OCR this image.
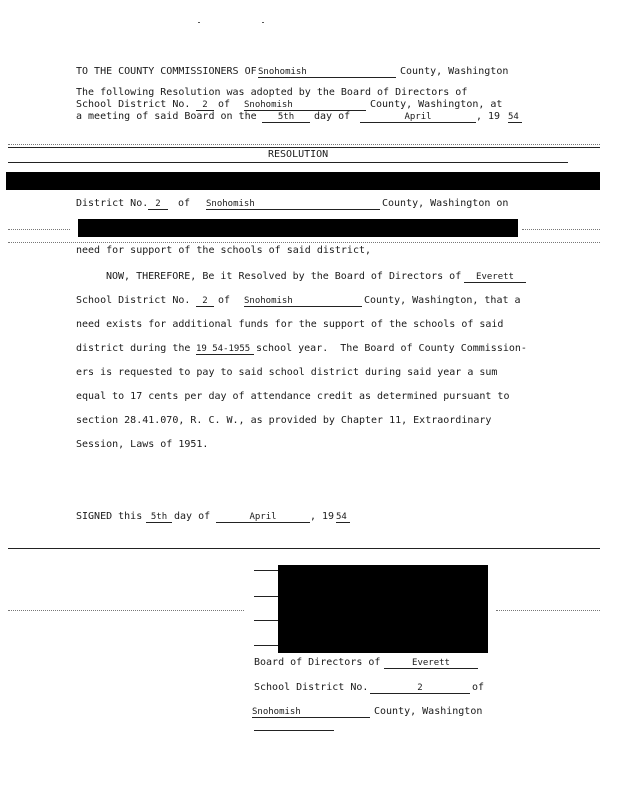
TO THE COUNTY COMMISSIONERS OF Snohomish	County, Washington
The following Resolution was adopted by the Board of Directors of
School District No.	2	of Snohomish	County, Washington, at
a meeting of said Board on the	5th	day of	April	, 19 54
RESOLUTION
District No. 2	of Snohomish	County, Washington on
need for support of the schools of said district,
NOW, THEREFORE, Be it Resolved by the Board of Directors of	Everett
School District No.	2	of Snohomish	County, Washington, that a
need exists for additional funds for the support of the schools of said
district during the 19 54-1955 school year.  The Board of County Commission-
ers is requested to pay to said school district during said year a sum
equal to 17 cents per day of attendance credit as determined pursuant to
section 28.41.070, R. C. W., as provided by Chapter 11, Extraordinary
Session, Laws of 1951.
SIGNED this 5th day of	April	, 19 54
Board of Directors of	Everett
School District No.	2	of
Snohomish	County, Washington
